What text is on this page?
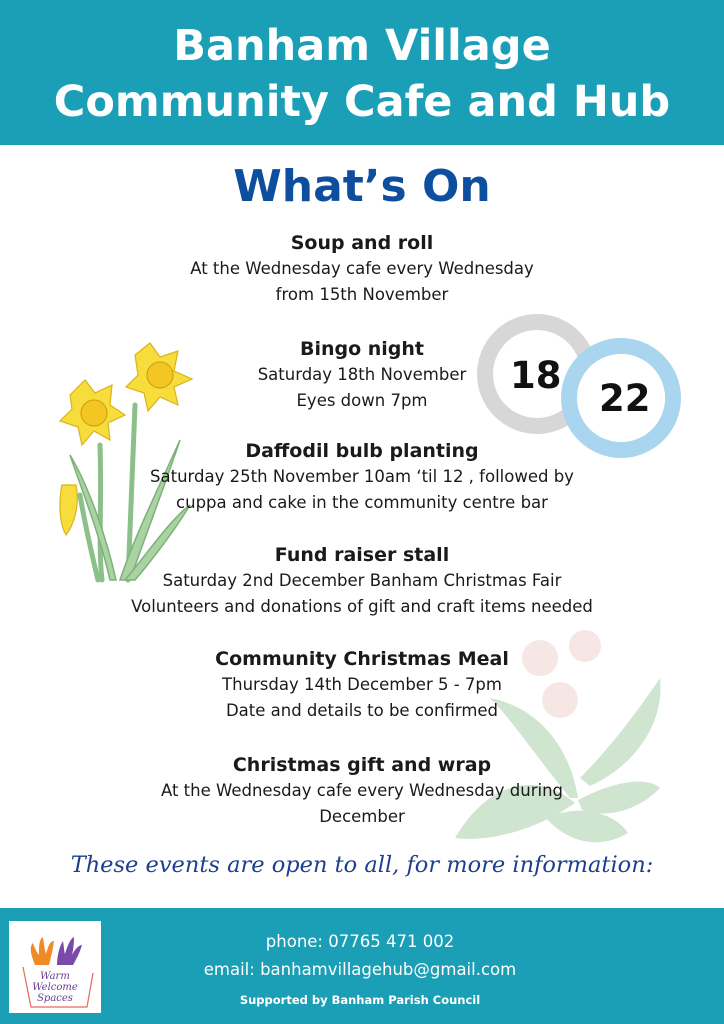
Banham Village
Community Cafe and Hub
What’s On
18
22
Soup and roll
At the Wednesday cafe every Wednesday
from 15th November
Bingo night
Saturday 18th November
Eyes down 7pm
Daffodil bulb planting
Saturday 25th November 10am ‘til 12 , followed by
cuppa and cake in the community centre bar
Fund raiser stall
Saturday 2nd December Banham Christmas Fair
Volunteers and donations of gift and craft items needed
Community Christmas Meal
Thursday 14th December 5 - 7pm
Date and details to be confirmed
Christmas gift and wrap
At the Wednesday cafe every Wednesday during
December
These events are open to all, for more information:
Warm
Welcome
Spaces
phone: 07765 471 002
email: banhamvillagehub@gmail.com
Supported by Banham Parish Council
